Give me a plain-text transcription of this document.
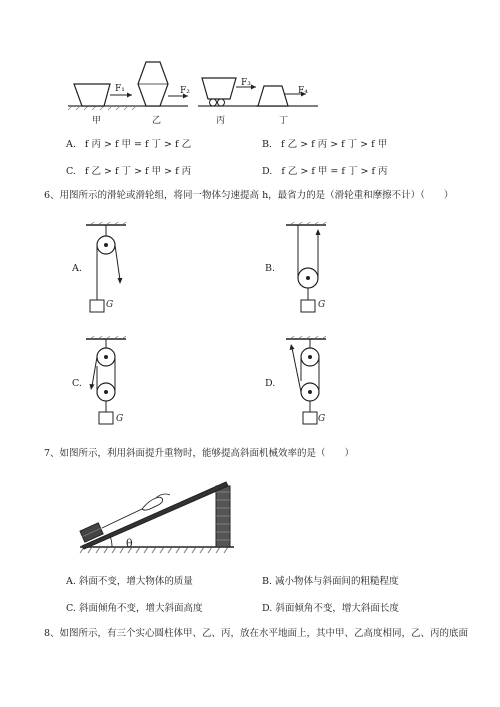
F₁	F₂
F₃
F₄
甲	乙	丙	丁
A. f 丙 > f 甲 = f 丁 > f 乙	B. f 乙 > f 丙 > f 丁 > f 甲
C. f 乙 > f 丁 > f 甲 > f 丙	D. f 乙 > f 甲 = f 丁 > f 丙
6、用图所示的滑轮或滑轮组，将同一物体匀速提高 h，最省力的是（滑轮重和摩擦不计）（　　）
A.
G
B.
G
C.
G
D.
G
7、如图所示，利用斜面提升重物时，能够提高斜面机械效率的是（　　）
θ
A. 斜面不变，增大物体的质量	B. 减小物体与斜面间的粗糙程度
C. 斜面倾角不变，增大斜面高度	D. 斜面倾角不变，增大斜面长度
8、如图所示，有三个实心圆柱体甲、乙、丙，放在水平地面上，其中甲、乙高度相同，乙、丙的底面
